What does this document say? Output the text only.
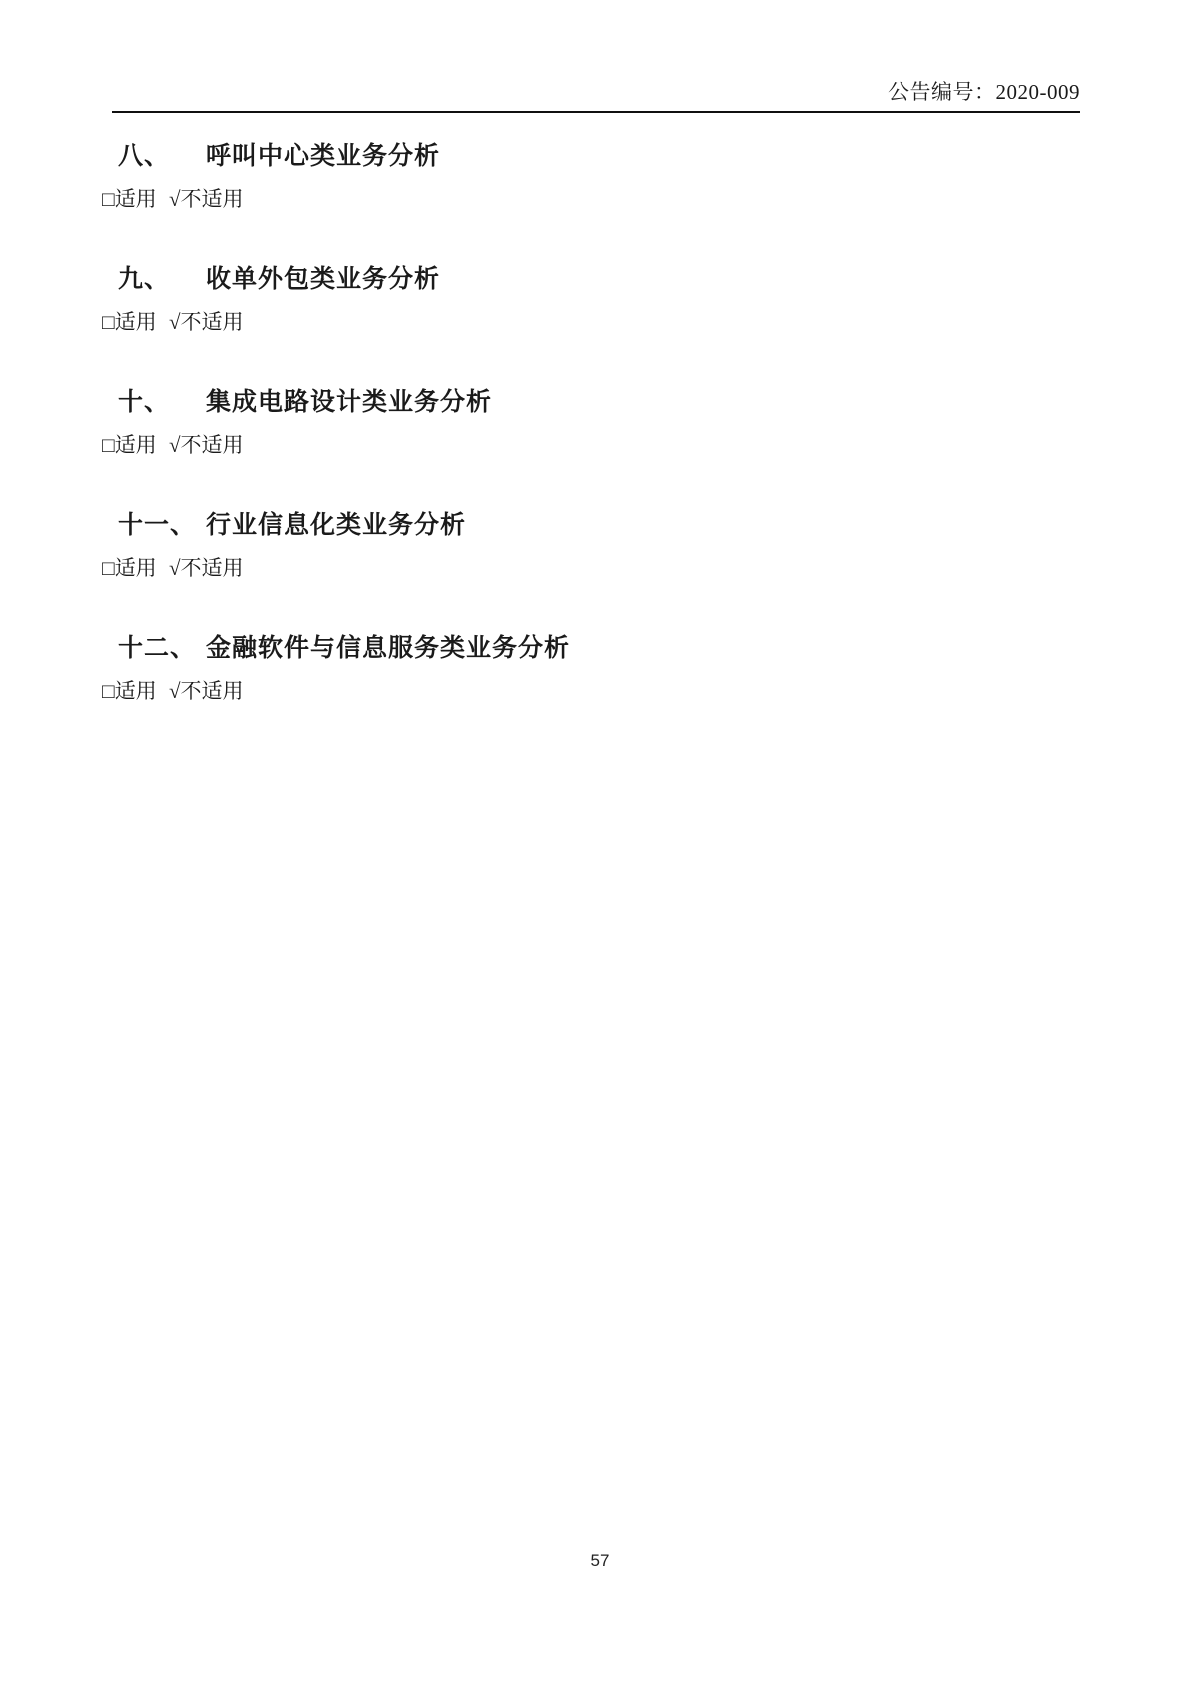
公告编号：2020-009
八、 呼叫中心类业务分析

□适用 √不适用

九、 收单外包类业务分析

□适用 √不适用

十、 集成电路设计类业务分析

□适用 √不适用

十一、 行业信息化类业务分析

□适用 √不适用

十二、 金融软件与信息服务类业务分析

□适用 √不适用

57
